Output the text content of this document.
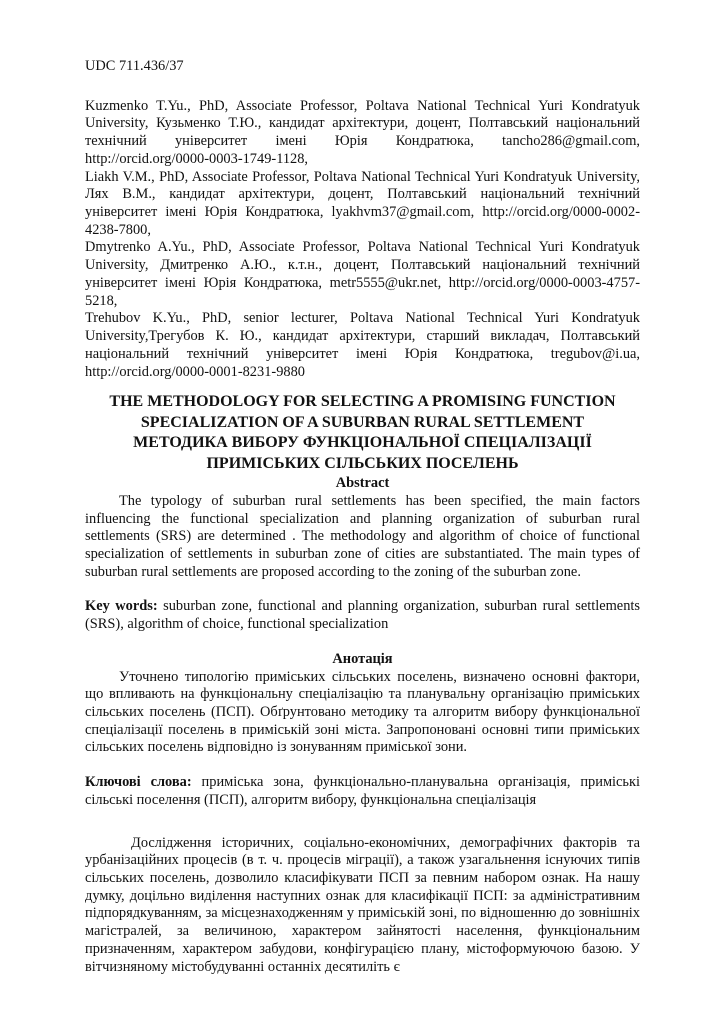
UDC 711.436/37

Kuzmenko T.Yu., PhD, Associate Professor, Poltava National Technical Yuri Kondratyuk University, Кузьменко Т.Ю., кандидат архітектури, доцент, Полтавський національний технічний університет імені Юрія Кондратюка, tancho286@gmail.com, http://orcid.org/0000-0003-1749-1128,

Liakh V.M., PhD, Associate Professor, Poltava National Technical Yuri Kondratyuk University, Лях В.М., кандидат архітектури, доцент, Полтавський національний технічний університет імені Юрія Кондратюка, lyakhvm37@gmail.com, http://orcid.org/0000-0002-4238-7800,

Dmytrenko A.Yu., PhD, Associate Professor, Poltava National Technical Yuri Kondratyuk University, Дмитренко А.Ю., к.т.н., доцент, Полтавський національний технічний університет імені Юрія Кондратюка, metr5555@ukr.net, http://orcid.org/0000-0003-4757-5218,

Trehubov K.Yu., PhD, senior lecturer, Poltava National Technical Yuri Kondratyuk University,Трегубов К. Ю., кандидат архітектури, старший викладач, Полтавський національний технічний університет імені Юрія Кондратюка, tregubov@i.ua, http://orcid.org/0000-0001-8231-9880

THE METHODOLOGY FOR SELECTING A PROMISING FUNCTION SPECIALIZATION OF A SUBURBAN RURAL SETTLEMENT
МЕТОДИКА ВИБОРУ ФУНКЦІОНАЛЬНОЇ СПЕЦІАЛІЗАЦІЇ ПРИМІСЬКИХ СІЛЬСЬКИХ ПОСЕЛЕНЬ
Abstract

The typology of suburban rural settlements has been specified, the main factors influencing the functional specialization and planning organization of suburban rural settlements (SRS) are determined . The methodology and algorithm of choice of functional specialization of settlements in suburban zone of cities are substantiated. The main types of suburban rural settlements are proposed according to the zoning of the suburban zone.

Key words: suburban zone, functional and planning organization, suburban rural settlements (SRS), algorithm of choice, functional specialization

Анотація

Уточнено типологію приміських сільських поселень, визначено основні фактори, що впливають на функціональну спеціалізацію та планувальну організацію приміських сільських поселень (ПСП). Обґрунтовано методику та алгоритм вибору функціональної спеціалізації поселень в приміській зоні міста. Запропоновані основні типи приміських сільських поселень відповідно із зонуванням приміської зони.

Ключові слова: приміська зона, функціонально-планувальна організація, приміські сільські поселення (ПСП), алгоритм вибору, функціональна спеціалізація

Дослідження історичних, соціально-економічних, демографічних факторів та урбанізаційних процесів (в т. ч. процесів міграції), а також узагальнення існуючих типів сільських поселень, дозволило класифікувати ПСП за певним набором ознак. На нашу думку, доцільно виділення наступних ознак для класифікації ПСП: за адміністративним підпорядкуванням, за місцезнаходженням у приміській зоні, по відношенню до зовнішніх магістралей, за величиною, характером зайнятості населення, функціональним призначенням, характером забудови, конфігурацією плану, містоформуючою базою. У вітчизняному містобудуванні останніх десятиліть є
